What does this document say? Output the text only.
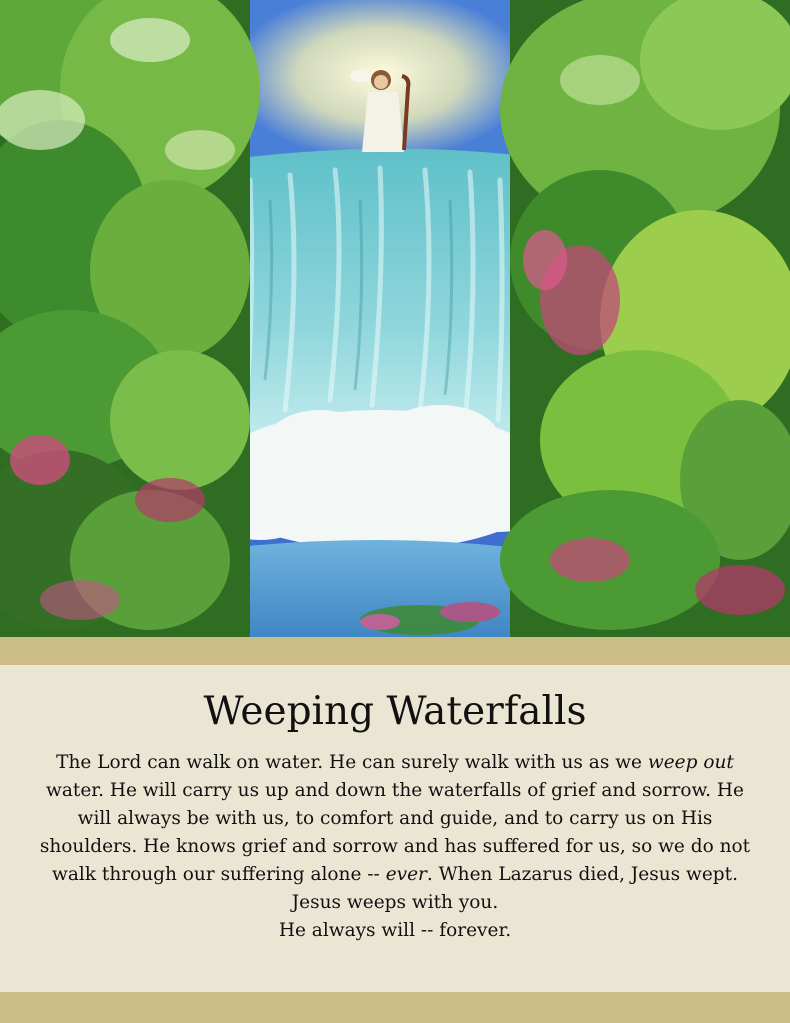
Weeping Waterfalls

The Lord can walk on water. He can surely walk with us as we weep out water. He will carry us up and down the waterfalls of grief and sorrow. He will always be with us, to comfort and guide, and to carry us on His shoulders. He knows grief and sorrow and has suffered for us, so we do not walk through our suffering alone -- ever. When Lazarus died, Jesus wept.

Jesus weeps with you.

He always will -- forever.
